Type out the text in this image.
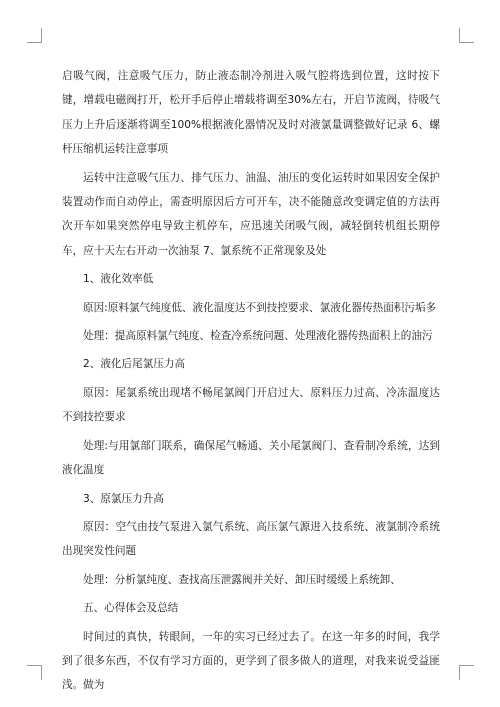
启吸气阀，注意吸气压力，防止液态制冷剂进入吸气腔将选到位置，这时按下键，增载电磁阀打开，松开手后停止增载将调至30%左右，开启节流阀，待吸气压力上升后逐渐将调至100%根据液化器情况及时对液氯量调整做好记录 6、螺杆压缩机运转注意事项

运转中注意吸气压力、排气压力、油温、油压的变化运转时如果因安全保护装置动作而自动停止，需查明原因后方可开车，决不能随意改变调定值的方法再次开车如果突然停电导致主机停车，应迅速关闭吸气阀，减轻倒转机组长期停车，应十天左右开动一次油泵 7、氯系统不正常现象及处

1、液化效率低

原因:原料氯气纯度低、液化温度达不到技控要求、氯液化器传热面积污垢多

处理：提高原料氯气纯度、检查冷系统问题、处理液化器传热面积上的油污

2、液化后尾氯压力高

原因：尾氯系统出现堵不畅尾氯阀门开启过大、原料压力过高、冷冻温度达不到技控要求

处理:与用氯部门联系，确保尾气畅通、关小尾氯阀门、查看制冷系统，达到液化温度

3、原氯压力升高

原因：空气由技气泵进入氯气系统、高压氯气源进入技系统、液氯制冷系统出现突发性问题

处理：分析氯纯度、查找高压泄露阀并关好、卸压时缓缓上系统卸、

五、心得体会及总结

时间过的真快，转眼间，一年的实习已经过去了。在这一年多的时间，我学到了很多东西，不仅有学习方面的，更学到了很多做人的道理，对我来说受益匪浅。做为
